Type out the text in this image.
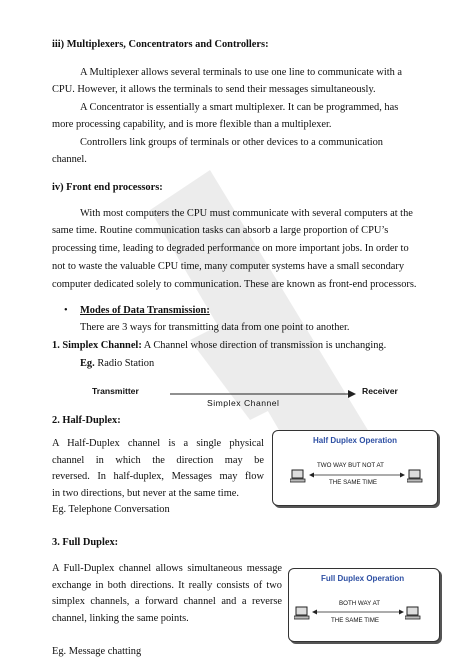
iii) Multiplexers, Concentrators and Controllers:
A Multiplexer allows several terminals to use one line to communicate with a
CPU. However, it allows the terminals to send their messages simultaneously.
A Concentrator is essentially a smart multiplexer. It can be programmed, has
more processing capability, and is more flexible than a multiplexer.
Controllers link groups of terminals or other devices to a communication
channel.
iv) Front end processors:
With most computers the CPU must communicate with several computers at the
same time. Routine communication tasks can absorb a large proportion of CPU’s
processing time, leading to degraded performance on more important jobs. In order to
not to waste the valuable CPU time, many computer systems have a small secondary
computer dedicated solely to communication. These are known as front-end processors.
• Modes of Data Transmission:
There are 3 ways for transmitting data from one point to another.
1. Simplex Channel: A Channel whose direction of transmission is unchanging.
Eg. Radio Station
Transmitter	Receiver
Simplex Channel
2. Half-Duplex:
A Half-Duplex channel is a single physical
channel in which the direction may be
reversed. In half-duplex, Messages may flow
in two directions, but never at the same time.
Eg. Telephone Conversation
Half Duplex Operation
TWO WAY BUT NOT AT
THE SAME TIME
3. Full Duplex:
A Full-Duplex channel allows simultaneous message
exchange in both directions. It really consists of two
simplex channels, a forward channel and a reverse
channel, linking the same points.
Eg. Message chatting
Full Duplex Operation
BOTH WAY AT
THE SAME TIME
